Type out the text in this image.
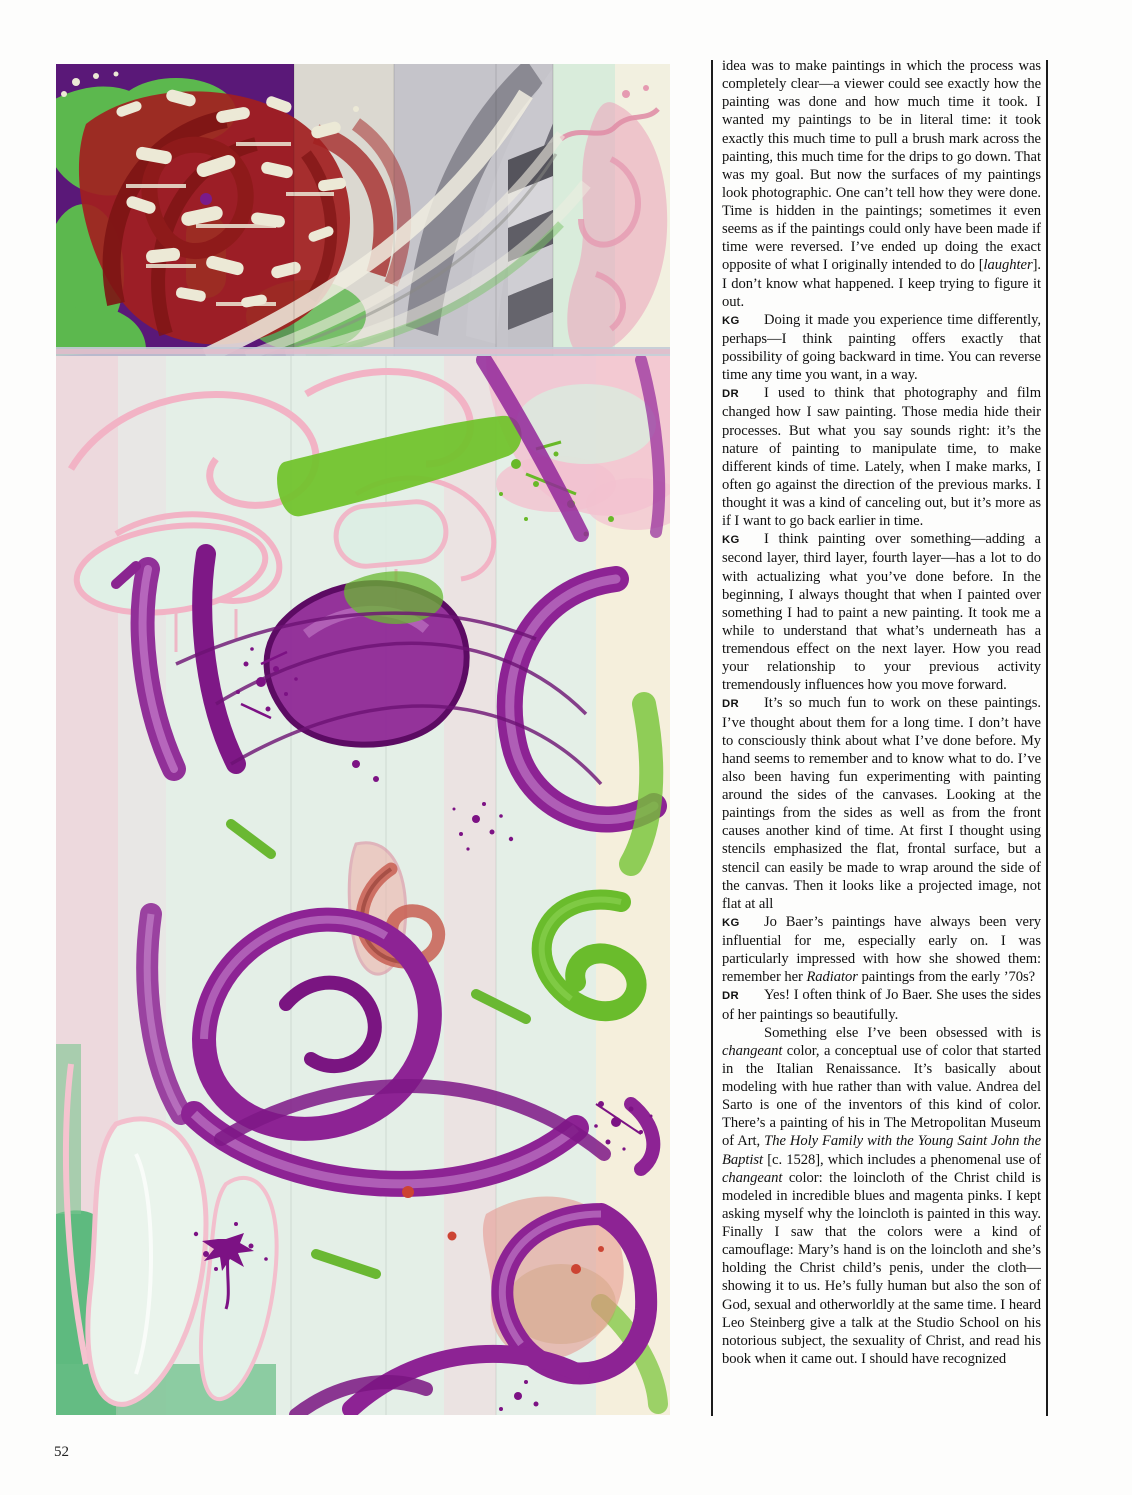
idea was to make paintings in which the process was completely clear—a viewer could see exactly how the painting was done and how much time it took. I wanted my paintings to be in literal time: it took exactly this much time to pull a brush mark across the painting, this much time for the drips to go down. That was my goal. But now the surfaces of my paintings look photographic. One can’t tell how they were done. Time is hidden in the paintings; sometimes it even seems as if the paintings could only have been made if time were reversed. I’ve ended up doing the exact opposite of what I originally intended to do [laughter]. I don’t know what happened. I keep trying to figure it out.

KG Doing it made you experience time differently, perhaps—I think painting offers exactly that possibility of going backward in time. You can reverse time any time you want, in a way.

DR I used to think that photography and film changed how I saw painting. Those media hide their processes. But what you say sounds right: it’s the nature of painting to manipulate time, to make different kinds of time. Lately, when I make marks, I often go against the direction of the previous marks. I thought it was a kind of canceling out, but it’s more as if I want to go back earlier in time.

KG I think painting over something—adding a second layer, third layer, fourth layer—has a lot to do with actualizing what you’ve done before. In the beginning, I always thought that when I painted over something I had to paint a new painting. It took me a while to understand that what’s underneath has a tremendous effect on the next layer. How you read your relationship to your previous activity tremendously influences how you move forward.

DR It’s so much fun to work on these paintings. I’ve thought about them for a long time. I don’t have to consciously think about what I’ve done before. My hand seems to remember and to know what to do. I’ve also been having fun experimenting with painting around the sides of the canvases. Looking at the paintings from the sides as well as from the front causes another kind of time. At first I thought using stencils emphasized the flat, frontal surface, but a stencil can easily be made to wrap around the side of the canvas. Then it looks like a projected image, not flat at all

KG Jo Baer’s paintings have always been very influential for me, especially early on. I was particularly impressed with how she showed them: remember her Radiator paintings from the early ’70s?

DR Yes! I often think of Jo Baer. She uses the sides of her paintings so beautifully.

Something else I’ve been obsessed with is changeant color, a conceptual use of color that started in the Italian Renaissance. It’s basically about modeling with hue rather than with value. Andrea del Sarto is one of the inventors of this kind of color. There’s a painting of his in The Metropolitan Museum of Art, The Holy Family with the Young Saint John the Baptist [c. 1528], which includes a phenomenal use of changeant color: the loincloth of the Christ child is modeled in incredible blues and magenta pinks. I kept asking myself why the loincloth is painted in this way. Finally I saw that the colors were a kind of camouflage: Mary’s hand is on the loincloth and she’s holding the Christ child’s penis, under the cloth—showing it to us. He’s fully human but also the son of God, sexual and otherworldly at the same time. I heard Leo Steinberg give a talk at the Studio School on his notorious subject, the sexuality of Christ, and read his book when it came out. I should have recognized

52
